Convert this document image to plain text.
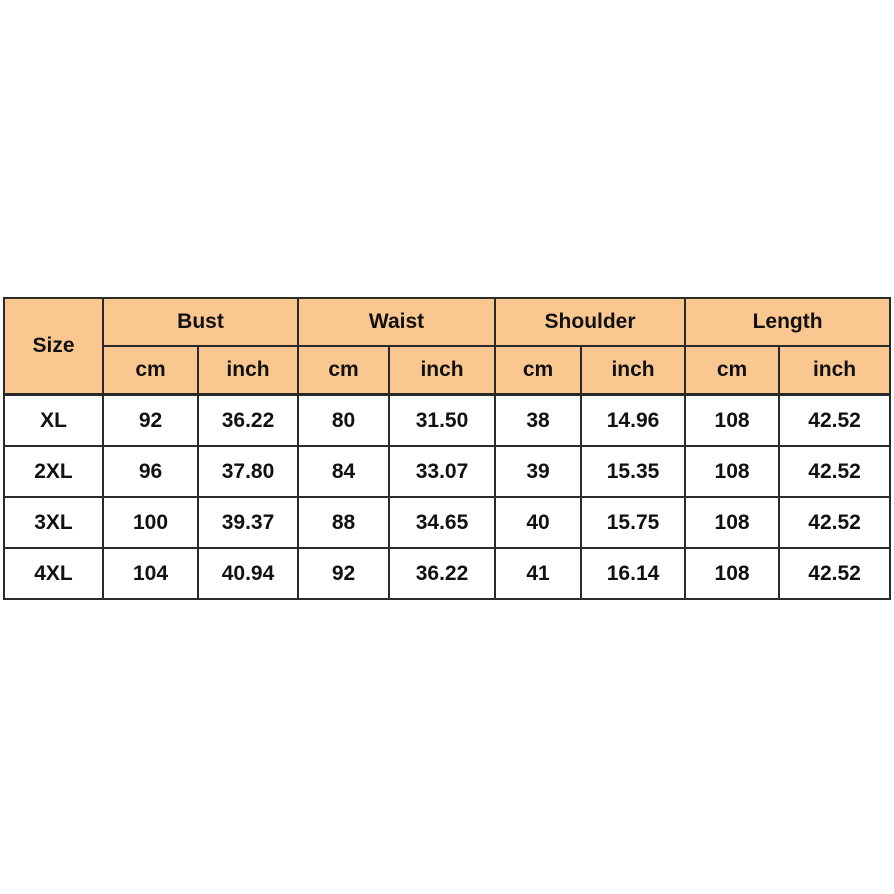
Size	Bust		Waist		Shoulder		Length	
	cm	inch	cm	inch	cm	inch	cm	inch
XL	92	36.22	80	31.50	38	14.96	108	42.52
2XL	96	37.80	84	33.07	39	15.35	108	42.52
3XL	100	39.37	88	34.65	40	15.75	108	42.52
4XL	104	40.94	92	36.22	41	16.14	108	42.52
